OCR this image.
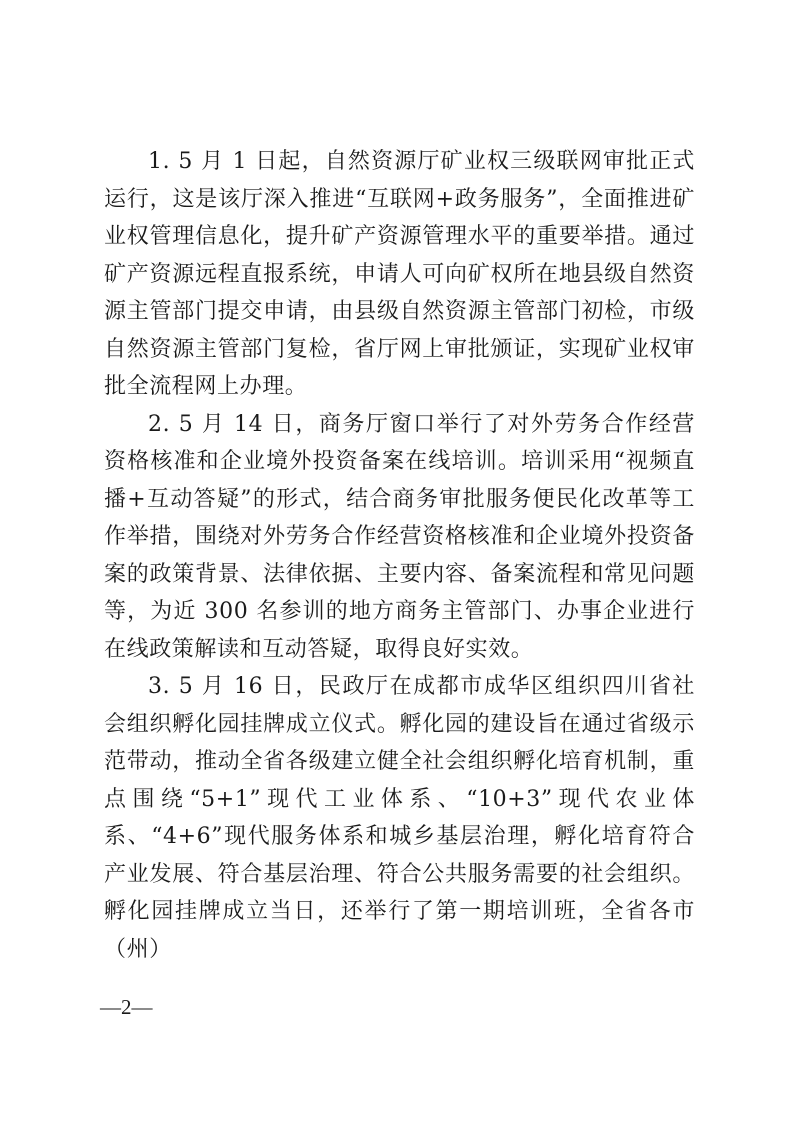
1. 5 月 1 日起，自然资源厅矿业权三级联网审批正式运行，这是该厅深入推进“互联网+政务服务”，全面推进矿业权管理信息化，提升矿产资源管理水平的重要举措。通过矿产资源远程直报系统，申请人可向矿权所在地县级自然资源主管部门提交申请，由县级自然资源主管部门初检，市级自然资源主管部门复检，省厅网上审批颁证，实现矿业权审批全流程网上办理。

2. 5 月 14 日，商务厅窗口举行了对外劳务合作经营资格核准和企业境外投资备案在线培训。培训采用“视频直播+互动答疑”的形式，结合商务审批服务便民化改革等工作举措，围绕对外劳务合作经营资格核准和企业境外投资备案的政策背景、法律依据、主要内容、备案流程和常见问题等，为近 300 名参训的地方商务主管部门、办事企业进行在线政策解读和互动答疑，取得良好实效。

3. 5 月 16 日，民政厅在成都市成华区组织四川省社会组织孵化园挂牌成立仪式。孵化园的建设旨在通过省级示范带动，推动全省各级建立健全社会组织孵化培育机制，重点围绕“5+1”现代工业体系、“10+3”现代农业体系、“4+6”现代服务体系和城乡基层治理，孵化培育符合产业发展、符合基层治理、符合公共服务需要的社会组织。孵化园挂牌成立当日，还举行了第一期培训班，全省各市（州）

—2—
